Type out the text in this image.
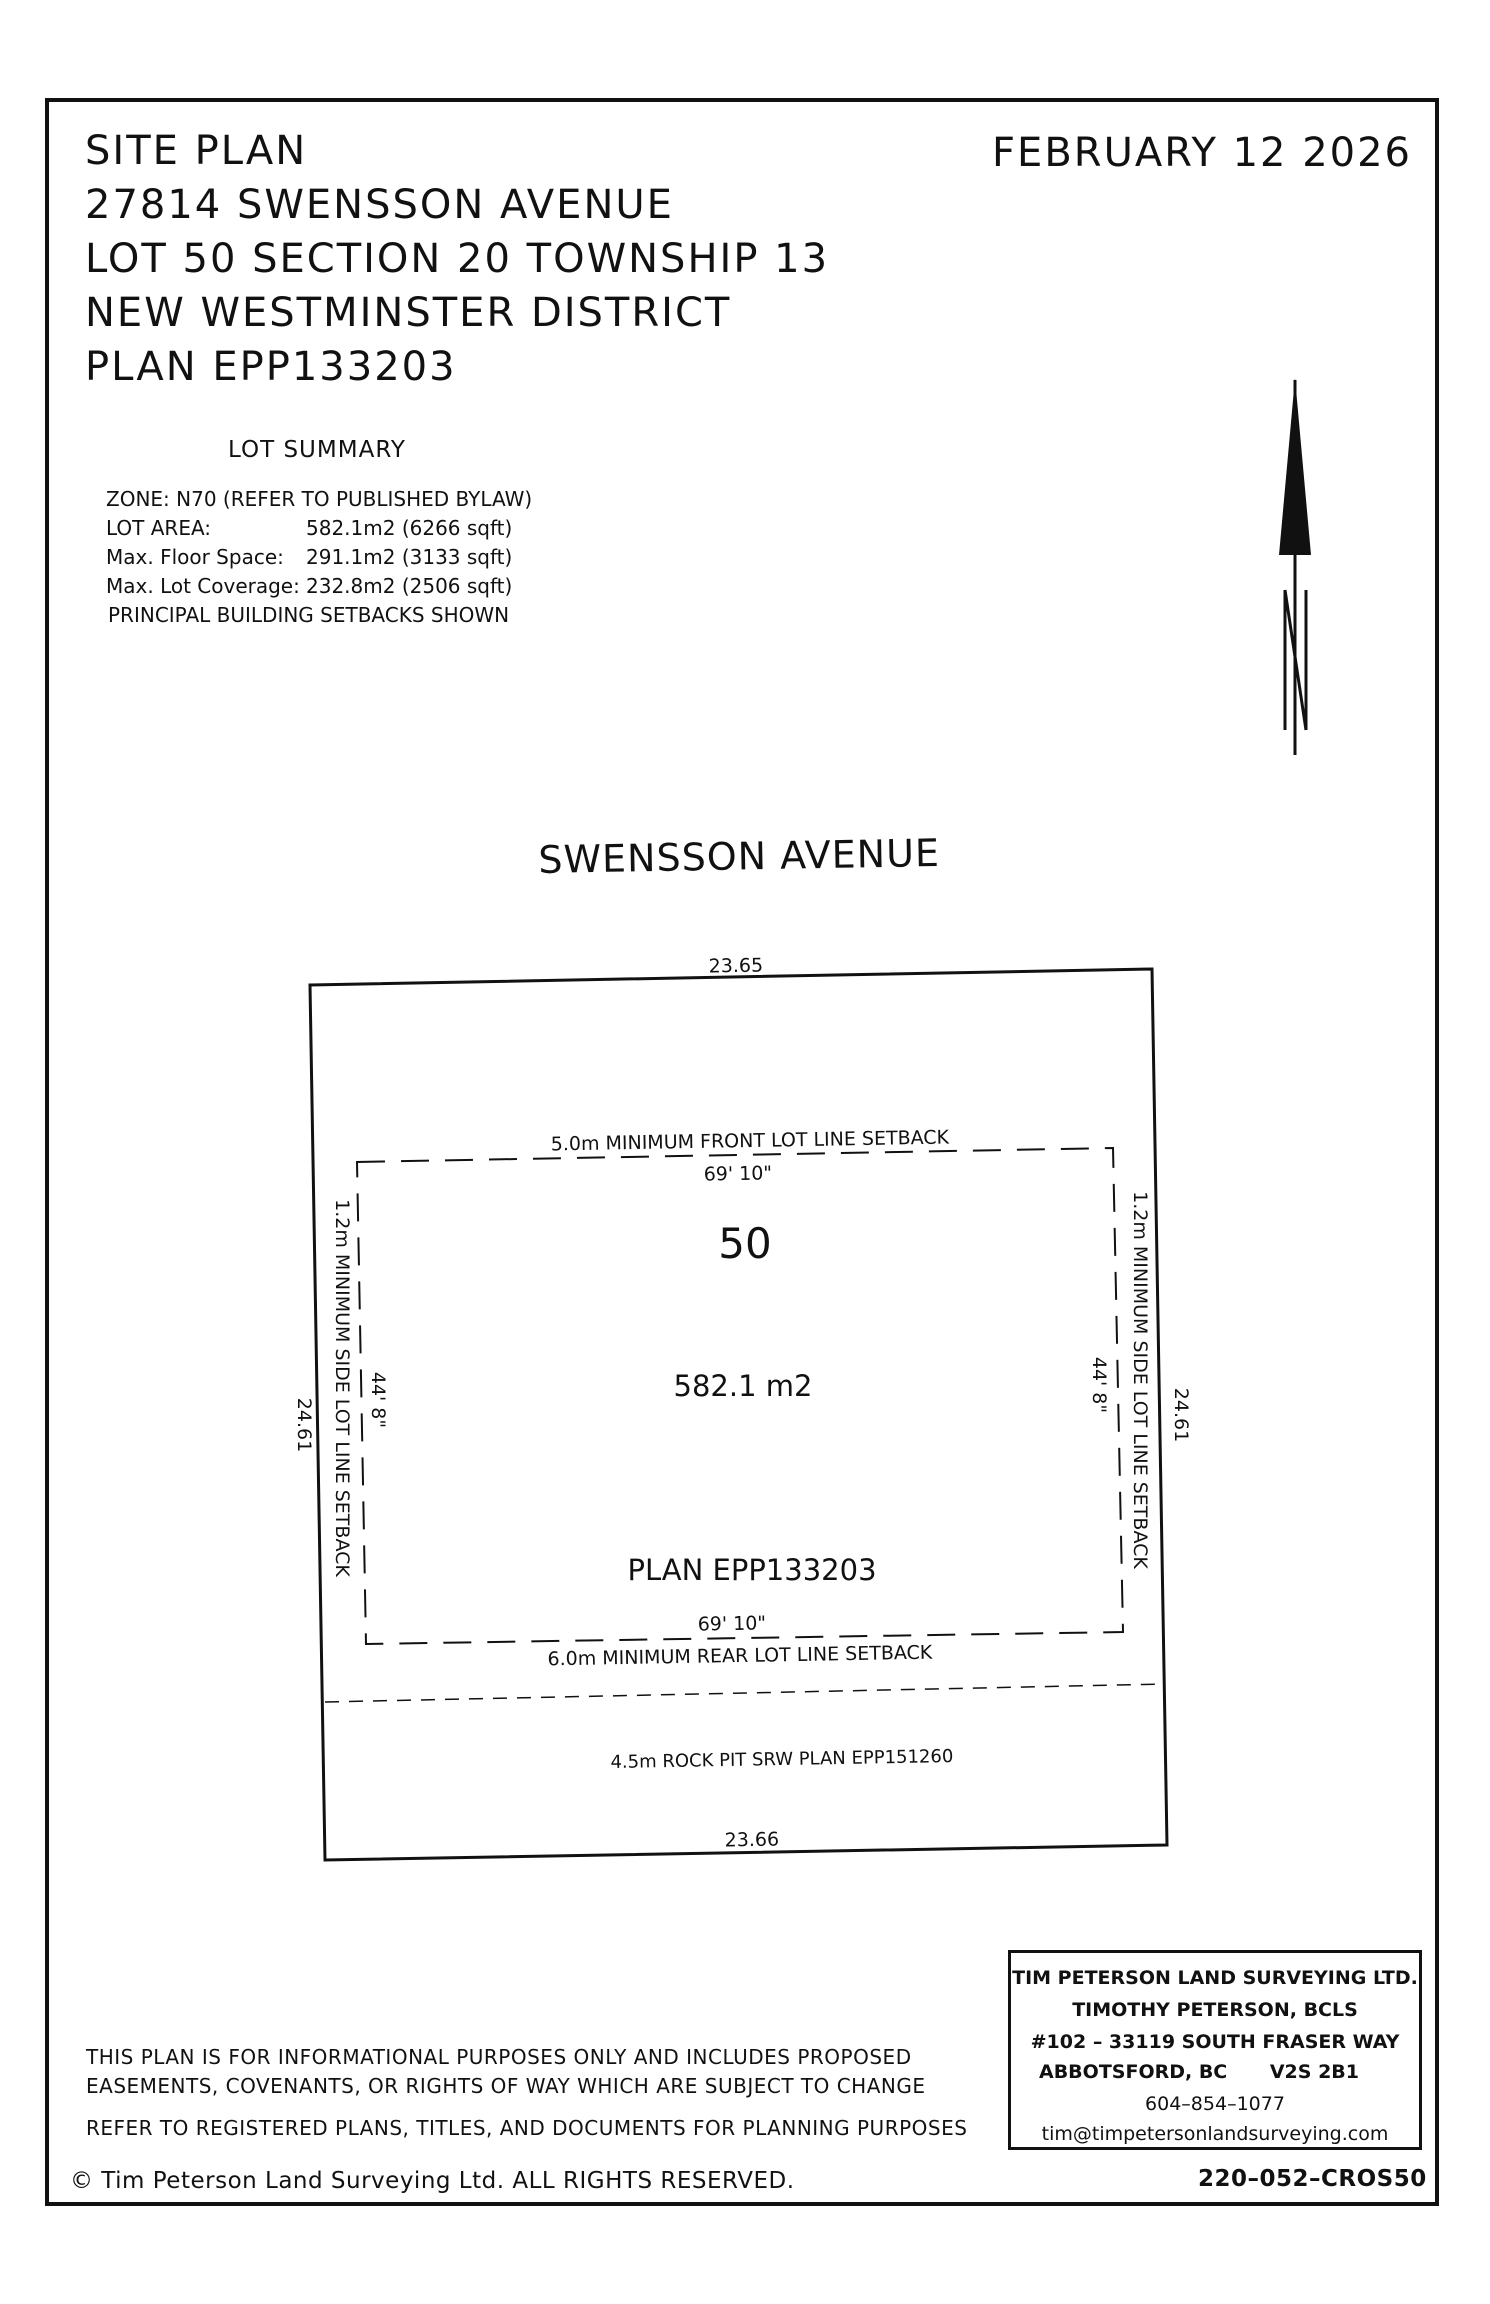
SITE PLAN
27814 SWENSSON AVENUE
LOT 50 SECTION 20 TOWNSHIP 13
NEW WESTMINSTER DISTRICT
PLAN EPP133203
FEBRUARY 12 2026
LOT SUMMARY
ZONE: N70 (REFER TO PUBLISHED BYLAW)
LOT AREA:	582.1m2 (6266 sqft)
Max. Floor Space: 291.1m2 (3133 sqft)
Max. Lot Coverage: 232.8m2 (2506 sqft)
PRINCIPAL BUILDING SETBACKS SHOWN
SWENSSON AVENUE
23.65
23.66
24.61	24.61
5.0m MINIMUM FRONT LOT LINE SETBACK
69' 10"
69' 10"
6.0m MINIMUM REAR LOT LINE SETBACK
1.2m MINIMUM SIDE LOT LINE SETBACK 44' 8"	1.2m MINIMUM SIDE LOT LINE SETBACK
44' 8"
50
582.1 m2
PLAN EPP133203
4.5m ROCK PIT SRW PLAN EPP151260
THIS PLAN IS FOR INFORMATIONAL PURPOSES ONLY AND INCLUDES PROPOSED
EASEMENTS, COVENANTS, OR RIGHTS OF WAY WHICH ARE SUBJECT TO CHANGE
REFER TO REGISTERED PLANS, TITLES, AND DOCUMENTS FOR PLANNING PURPOSES
TIM PETERSON LAND SURVEYING LTD.
TIMOTHY PETERSON, BCLS
#102 – 33119 SOUTH FRASER WAY
ABBOTSFORD, BC V2S 2B1
604–854–1077
tim@timpetersonlandsurveying.com
© Tim Peterson Land Surveying Ltd. ALL RIGHTS RESERVED.	220–052–CROS50
